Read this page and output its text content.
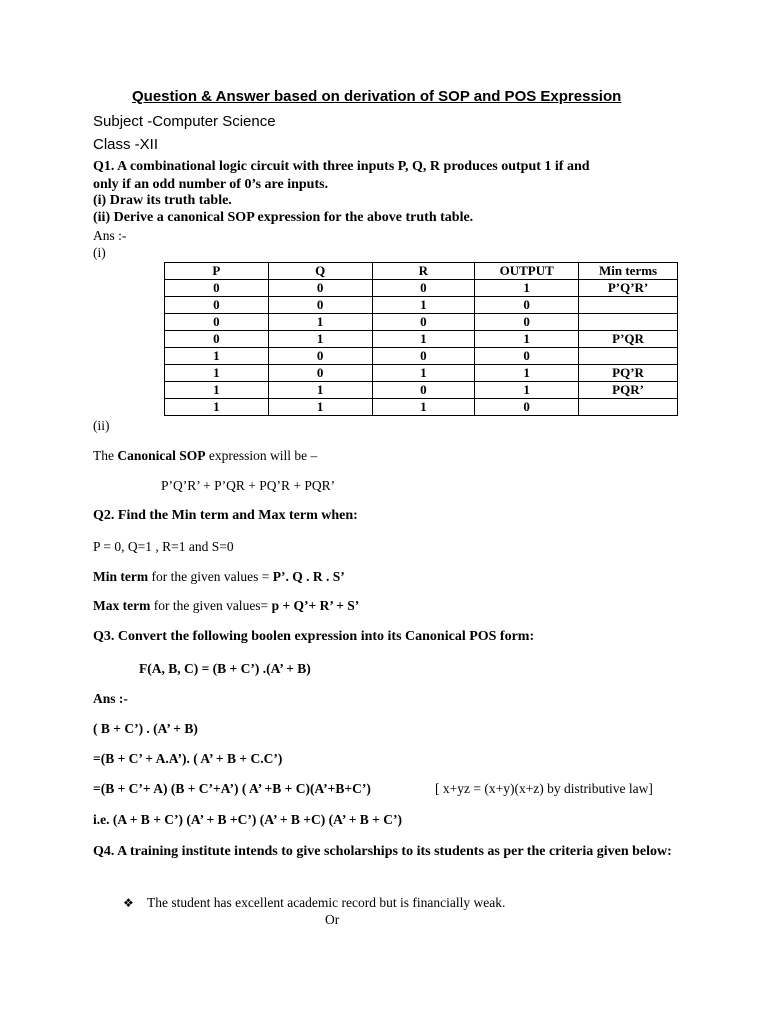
Question & Answer based on derivation of SOP and POS Expression
Subject -Computer Science
Class -XII
Q1. A combinational logic circuit with three inputs P, Q, R produces output 1 if and
only if an odd number of 0’s are inputs.
(i) Draw its truth table.
(ii) Derive a canonical SOP expression for the above truth table.
Ans :-
(i)
P	Q	R	OUTPUT	Min terms
0	0	0	1	P’Q’R’
0	0	1	0	
0	1	0	0	
0	1	1	1	P’QR
1	0	0	0	
1	0	1	1	PQ’R
1	1	0	1	PQR’
1	1	1	0	
(ii)
The Canonical SOP expression will be –
P’Q’R’ + P’QR + PQ’R + PQR’
Q2. Find the Min term and Max term when:
P = 0, Q=1 , R=1 and S=0
Min term for the given values = P’. Q . R . S’
Max term for the given values= p + Q’+ R’ + S’
Q3. Convert the following boolen expression into its Canonical POS form:
F(A, B, C) = (B + C’) .(A’ + B)
Ans :-
( B + C’) . (A’ + B)
=(B + C’ + A.A’). ( A’ + B + C.C’)
=(B + C’+ A) (B + C’+A’) ( A’ +B + C)(A’+B+C’)	[ x+yz = (x+y)(x+z) by distributive law]
i.e. (A + B + C’) (A’ + B +C’) (A’ + B +C) (A’ + B + C’)
Q4. A training institute intends to give scholarships to its students as per the criteria given below:
❖ The student has excellent academic record but is financially weak.
Or
